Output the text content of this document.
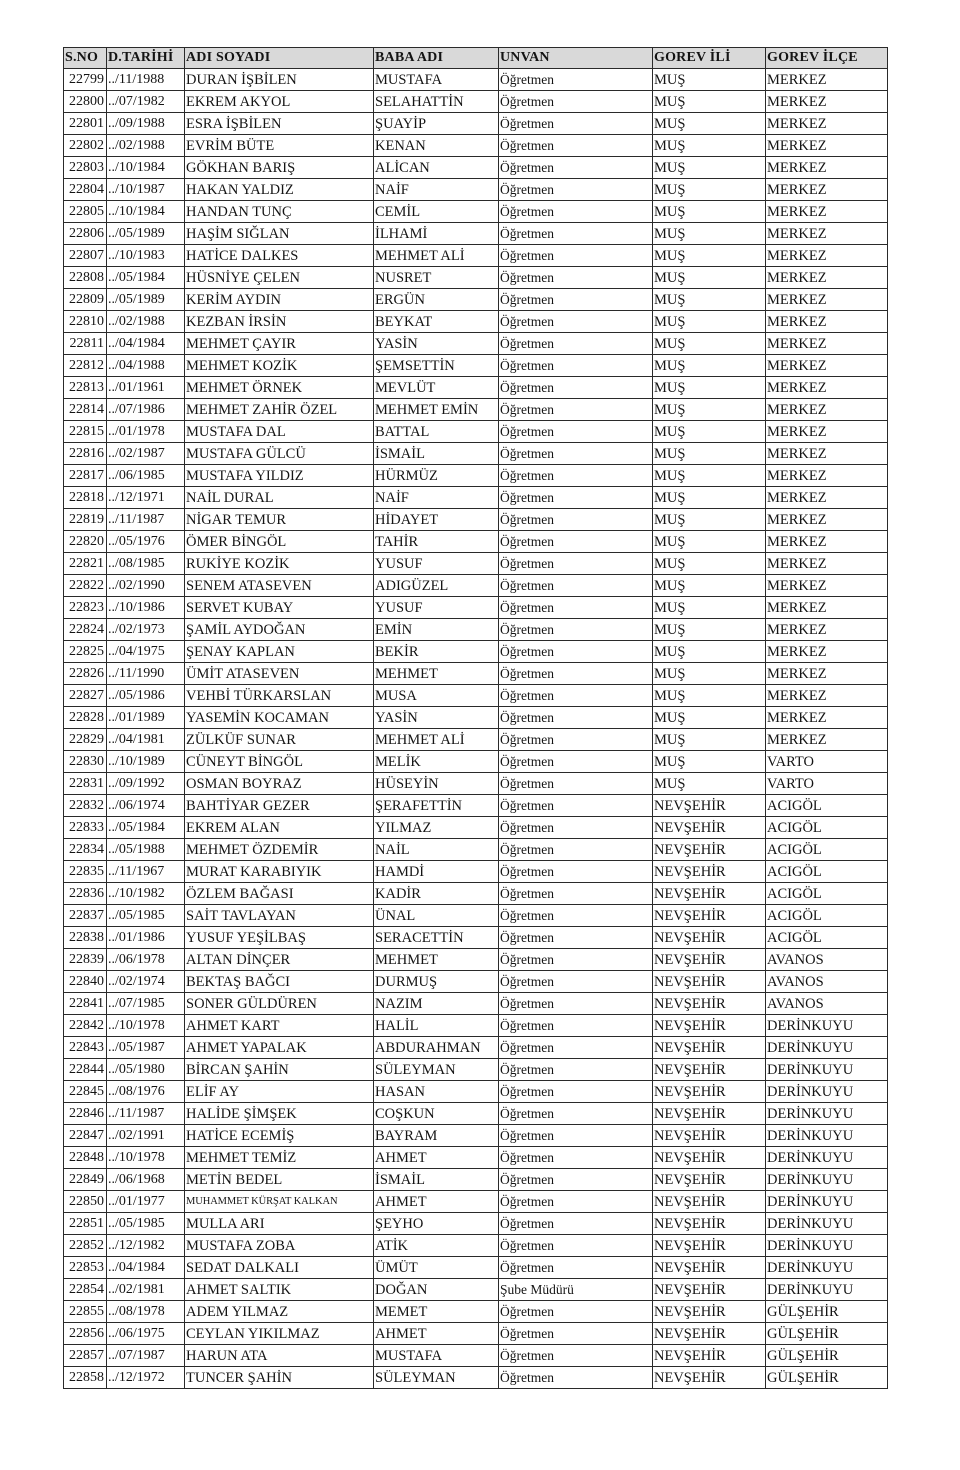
S.NO	D.TARİHİ	ADI SOYADI	BABA ADI	UNVAN	GOREV İLİ	GOREV İLÇE
22799	../11/1988	DURAN İŞBİLEN	MUSTAFA	Öğretmen	MUŞ	MERKEZ
22800	../07/1982	EKREM AKYOL	SELAHATTİN	Öğretmen	MUŞ	MERKEZ
22801	../09/1988	ESRA İŞBİLEN	ŞUAYİP	Öğretmen	MUŞ	MERKEZ
22802	../02/1988	EVRİM BÜTE	KENAN	Öğretmen	MUŞ	MERKEZ
22803	../10/1984	GÖKHAN BARIŞ	ALİCAN	Öğretmen	MUŞ	MERKEZ
22804	../10/1987	HAKAN YALDIZ	NAİF	Öğretmen	MUŞ	MERKEZ
22805	../10/1984	HANDAN TUNÇ	CEMİL	Öğretmen	MUŞ	MERKEZ
22806	../05/1989	HAŞİM SIĞLAN	İLHAMİ	Öğretmen	MUŞ	MERKEZ
22807	../10/1983	HATİCE DALKES	MEHMET ALİ	Öğretmen	MUŞ	MERKEZ
22808	../05/1984	HÜSNİYE ÇELEN	NUSRET	Öğretmen	MUŞ	MERKEZ
22809	../05/1989	KERİM AYDIN	ERGÜN	Öğretmen	MUŞ	MERKEZ
22810	../02/1988	KEZBAN İRSİN	BEYKAT	Öğretmen	MUŞ	MERKEZ
22811	../04/1984	MEHMET ÇAYIR	YASİN	Öğretmen	MUŞ	MERKEZ
22812	../04/1988	MEHMET KOZİK	ŞEMSETTİN	Öğretmen	MUŞ	MERKEZ
22813	../01/1961	MEHMET ÖRNEK	MEVLÜT	Öğretmen	MUŞ	MERKEZ
22814	../07/1986	MEHMET ZAHİR ÖZEL	MEHMET EMİN	Öğretmen	MUŞ	MERKEZ
22815	../01/1978	MUSTAFA DAL	BATTAL	Öğretmen	MUŞ	MERKEZ
22816	../02/1987	MUSTAFA GÜLCÜ	İSMAİL	Öğretmen	MUŞ	MERKEZ
22817	../06/1985	MUSTAFA YILDIZ	HÜRMÜZ	Öğretmen	MUŞ	MERKEZ
22818	../12/1971	NAİL DURAL	NAİF	Öğretmen	MUŞ	MERKEZ
22819	../11/1987	NİGAR TEMUR	HİDAYET	Öğretmen	MUŞ	MERKEZ
22820	../05/1976	ÖMER BİNGÖL	TAHİR	Öğretmen	MUŞ	MERKEZ
22821	../08/1985	RUKİYE KOZİK	YUSUF	Öğretmen	MUŞ	MERKEZ
22822	../02/1990	SENEM ATASEVEN	ADIGÜZEL	Öğretmen	MUŞ	MERKEZ
22823	../10/1986	SERVET KUBAY	YUSUF	Öğretmen	MUŞ	MERKEZ
22824	../02/1973	ŞAMİL AYDOĞAN	EMİN	Öğretmen	MUŞ	MERKEZ
22825	../04/1975	ŞENAY KAPLAN	BEKİR	Öğretmen	MUŞ	MERKEZ
22826	../11/1990	ÜMİT ATASEVEN	MEHMET	Öğretmen	MUŞ	MERKEZ
22827	../05/1986	VEHBİ TÜRKARSLAN	MUSA	Öğretmen	MUŞ	MERKEZ
22828	../01/1989	YASEMİN KOCAMAN	YASİN	Öğretmen	MUŞ	MERKEZ
22829	../04/1981	ZÜLKÜF SUNAR	MEHMET ALİ	Öğretmen	MUŞ	MERKEZ
22830	../10/1989	CÜNEYT BİNGÖL	MELİK	Öğretmen	MUŞ	VARTO
22831	../09/1992	OSMAN BOYRAZ	HÜSEYİN	Öğretmen	MUŞ	VARTO
22832	../06/1974	BAHTİYAR GEZER	ŞERAFETTİN	Öğretmen	NEVŞEHİR	ACIGÖL
22833	../05/1984	EKREM ALAN	YILMAZ	Öğretmen	NEVŞEHİR	ACIGÖL
22834	../05/1988	MEHMET ÖZDEMİR	NAİL	Öğretmen	NEVŞEHİR	ACIGÖL
22835	../11/1967	MURAT KARABIYIK	HAMDİ	Öğretmen	NEVŞEHİR	ACIGÖL
22836	../10/1982	ÖZLEM BAĞASI	KADİR	Öğretmen	NEVŞEHİR	ACIGÖL
22837	../05/1985	SAİT TAVLAYAN	ÜNAL	Öğretmen	NEVŞEHİR	ACIGÖL
22838	../01/1986	YUSUF YEŞİLBAŞ	SERACETTİN	Öğretmen	NEVŞEHİR	ACIGÖL
22839	../06/1978	ALTAN DİNÇER	MEHMET	Öğretmen	NEVŞEHİR	AVANOS
22840	../02/1974	BEKTAŞ BAĞCI	DURMUŞ	Öğretmen	NEVŞEHİR	AVANOS
22841	../07/1985	SONER GÜLDÜREN	NAZIM	Öğretmen	NEVŞEHİR	AVANOS
22842	../10/1978	AHMET KART	HALİL	Öğretmen	NEVŞEHİR	DERİNKUYU
22843	../05/1987	AHMET YAPALAK	ABDURAHMAN	Öğretmen	NEVŞEHİR	DERİNKUYU
22844	../05/1980	BİRCAN ŞAHİN	SÜLEYMAN	Öğretmen	NEVŞEHİR	DERİNKUYU
22845	../08/1976	ELİF AY	HASAN	Öğretmen	NEVŞEHİR	DERİNKUYU
22846	../11/1987	HALİDE ŞİMŞEK	COŞKUN	Öğretmen	NEVŞEHİR	DERİNKUYU
22847	../02/1991	HATİCE ECEMİŞ	BAYRAM	Öğretmen	NEVŞEHİR	DERİNKUYU
22848	../10/1978	MEHMET TEMİZ	AHMET	Öğretmen	NEVŞEHİR	DERİNKUYU
22849	../06/1968	METİN BEDEL	İSMAİL	Öğretmen	NEVŞEHİR	DERİNKUYU
22850	../01/1977	MUHAMMET KÜRŞAT KALKAN	AHMET	Öğretmen	NEVŞEHİR	DERİNKUYU
22851	../05/1985	MULLA ARI	ŞEYHO	Öğretmen	NEVŞEHİR	DERİNKUYU
22852	../12/1982	MUSTAFA ZOBA	ATİK	Öğretmen	NEVŞEHİR	DERİNKUYU
22853	../04/1984	SEDAT DALKALI	ÜMÜT	Öğretmen	NEVŞEHİR	DERİNKUYU
22854	../02/1981	AHMET SALTIK	DOĞAN	Şube Müdürü	NEVŞEHİR	DERİNKUYU
22855	../08/1978	ADEM YILMAZ	MEMET	Öğretmen	NEVŞEHİR	GÜLŞEHİR
22856	../06/1975	CEYLAN YIKILMAZ	AHMET	Öğretmen	NEVŞEHİR	GÜLŞEHİR
22857	../07/1987	HARUN ATA	MUSTAFA	Öğretmen	NEVŞEHİR	GÜLŞEHİR
22858	../12/1972	TUNCER ŞAHİN	SÜLEYMAN	Öğretmen	NEVŞEHİR	GÜLŞEHİR
